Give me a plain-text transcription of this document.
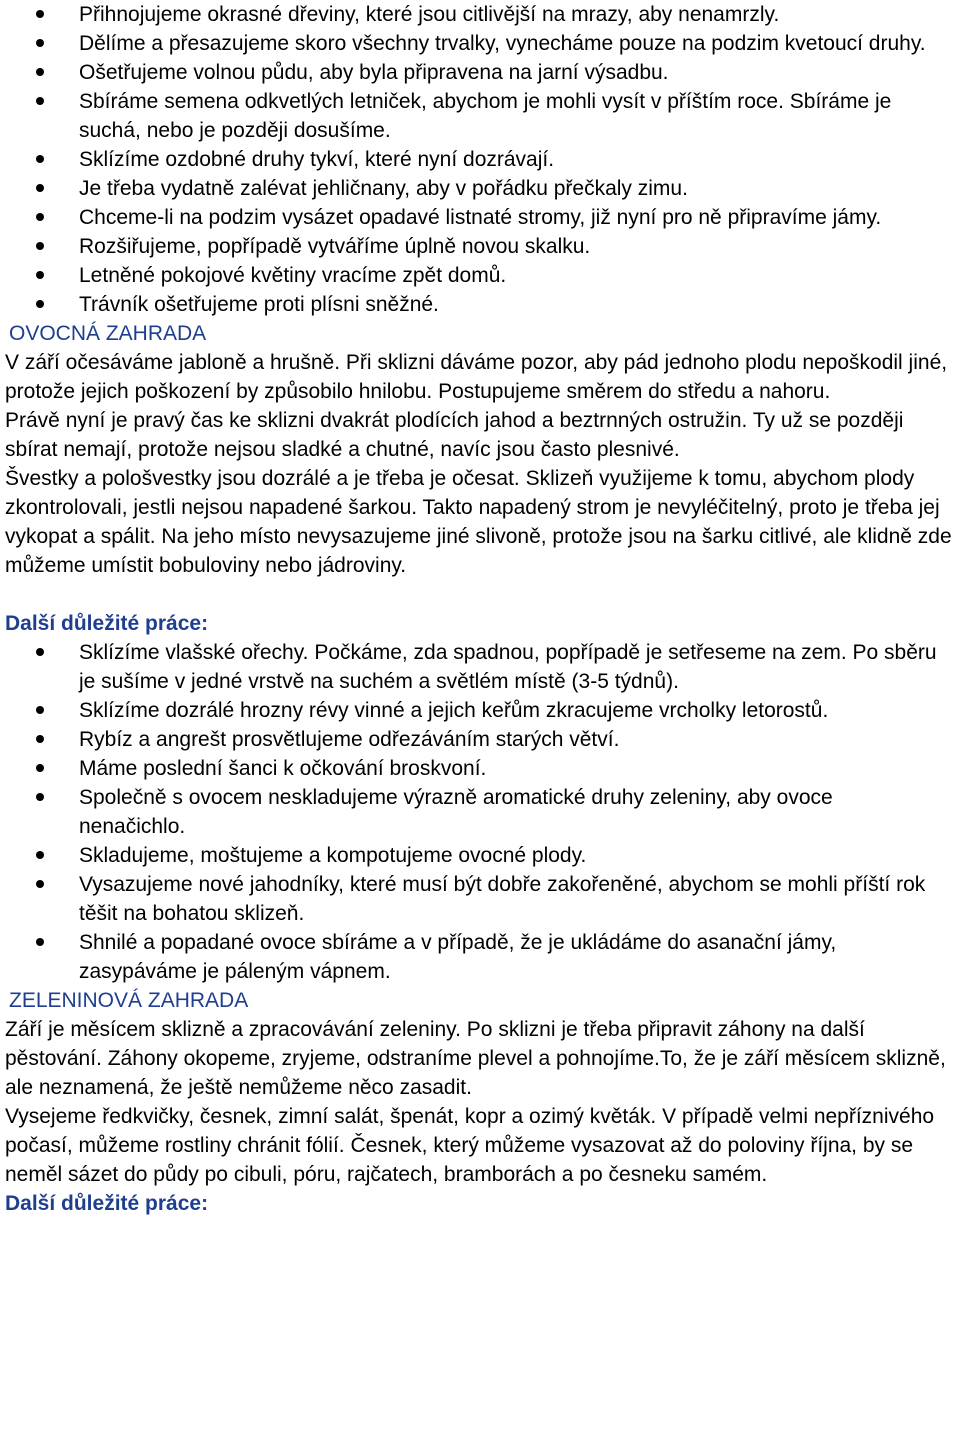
Přihnojujeme okrasné dřeviny, které jsou citlivější na mrazy, aby nenamrzly.
Dělíme a přesazujeme skoro všechny trvalky, vynecháme pouze na podzim kvetoucí druhy.
Ošetřujeme volnou půdu, aby byla připravena na jarní výsadbu.
Sbíráme semena odkvetlých letniček, abychom je mohli vysít v příštím roce. Sbíráme je suchá, nebo je později dosušíme.
Sklízíme ozdobné druhy tykví, které nyní dozrávají.
Je třeba vydatně zalévat jehličnany, aby v pořádku přečkaly zimu.
Chceme-li na podzim vysázet opadavé listnaté stromy, již nyní pro ně připravíme jámy.
Rozšiřujeme, popřípadě vytváříme úplně novou skalku.
Letněné pokojové květiny vracíme zpět domů.
Trávník ošetřujeme proti plísni sněžné.

OVOCNÁ ZAHRADA

V září očesáváme jabloně a hrušně. Při sklizni dáváme pozor, aby pád jednoho plodu nepoškodil jiné, protože jejich poškození by způsobilo hnilobu. Postupujeme směrem do středu a nahoru.

Právě nyní je pravý čas ke sklizni dvakrát plodících jahod a beztrnných ostružin. Ty už se později sbírat nemají, protože nejsou sladké a chutné, navíc jsou často plesnivé.

Švestky a pološvestky jsou dozrálé a je třeba je očesat. Sklizeň využijeme k tomu, abychom plody zkontrolovali, jestli nejsou napadené šarkou. Takto napadený strom je nevyléčitelný, proto je třeba jej vykopat a spálit. Na jeho místo nevysazujeme jiné slivoně, protože jsou na šarku citlivé, ale klidně zde můžeme umístit bobuloviny nebo jádroviny.

Další důležité práce:

Sklízíme vlašské ořechy. Počkáme, zda spadnou, popřípadě je setřeseme na zem. Po sběru je sušíme v jedné vrstvě na suchém a světlém místě (3-5 týdnů).
Sklízíme dozrálé hrozny révy vinné a jejich keřům zkracujeme vrcholky letorostů.
Rybíz a angrešt prosvětlujeme odřezáváním starých větví.
Máme poslední šanci k očkování broskvoní.
Společně s ovocem neskladujeme výrazně aromatické druhy zeleniny, aby ovoce nenačichlo.
Skladujeme, moštujeme a kompotujeme ovocné plody.
Vysazujeme nové jahodníky, které musí být dobře zakořeněné, abychom se mohli příští rok těšit na bohatou sklizeň.
Shnilé a popadané ovoce sbíráme a v případě, že je ukládáme do asanační jámy, zasypáváme je páleným vápnem.

ZELENINOVÁ ZAHRADA

Září je měsícem sklizně a zpracovávání zeleniny. Po sklizni je třeba připravit záhony na další pěstování. Záhony okopeme, zryjeme, odstraníme plevel a pohnojíme.To, že je září měsícem sklizně, ale neznamená, že ještě nemůžeme něco zasadit.

Vysejeme ředkvičky, česnek, zimní salát, špenát, kopr a ozimý květák. V případě velmi nepříznivého počasí, můžeme rostliny chránit fólií. Česnek, který můžeme vysazovat až do poloviny října, by se neměl sázet do půdy po cibuli, póru, rajčatech, bramborách a po česneku samém.

Další důležité práce:
